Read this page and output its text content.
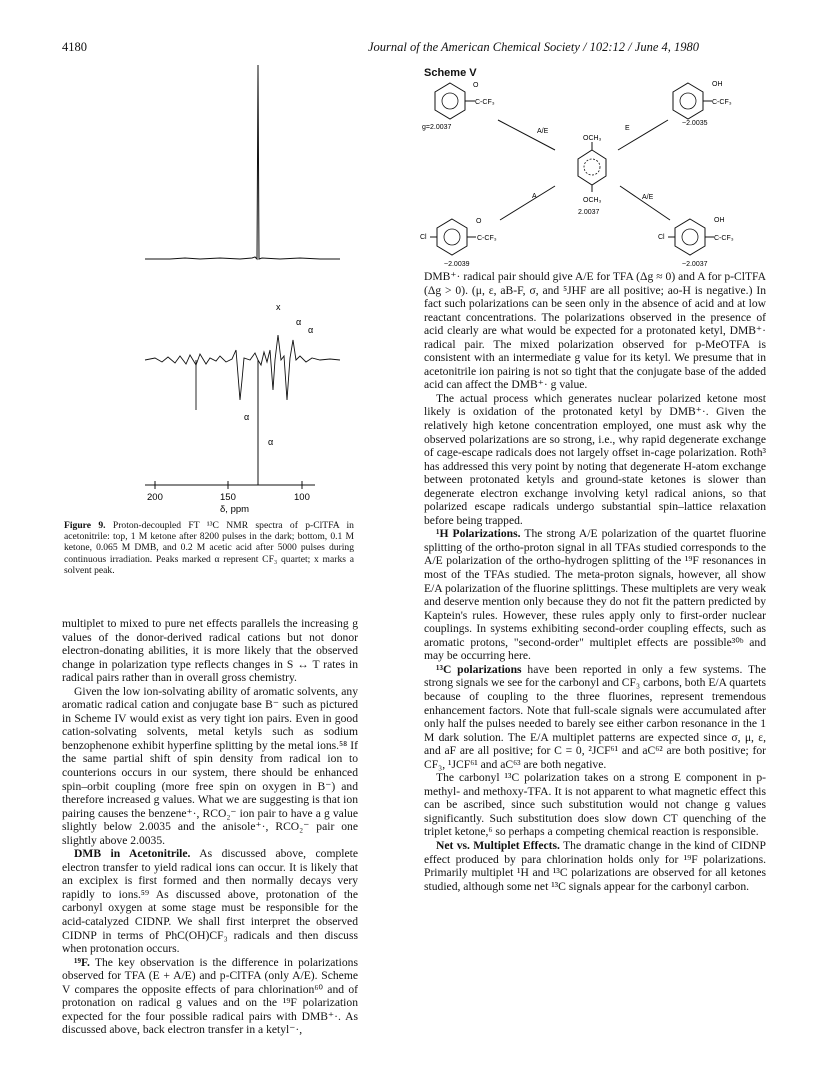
4180	Journal of the American Chemical Society / 102:12 / June 4, 1980
x
α
α
α
α
200	150	100
δ, ppm
Figure 9. Proton-decoupled FT ¹³C NMR spectra of p-ClTFA in acetonitrile: top, 1 M ketone after 8200 pulses in the dark; bottom, 0.1 M ketone, 0.065 M DMB, and 0.2 M acetic acid after 5000 pulses during continuous irradiation. Peaks marked α represent CF₃ quartet; x marks a solvent peak.
Scheme V
O
C-CF₃
g=2.0037
OH
C-CF₃
~2.0035
OCH₃
OCH₃
2.0037
A/E	E
A	A/E
Cl
O
C-CF₃
~2.0039
Cl
OH
C-CF₃
~2.0037

multiplet to mixed to pure net effects parallels the increasing g values of the donor-derived radical cations but not donor electron-donating abilities, it is more likely that the observed change in polarization type reflects changes in S ↔ T rates in radical pairs rather than in overall gross chemistry.

Given the low ion-solvating ability of aromatic solvents, any aromatic radical cation and conjugate base B⁻ such as pictured in Scheme IV would exist as very tight ion pairs. Even in good cation-solvating solvents, metal ketyls such as sodium benzophenone exhibit hyperfine splitting by the metal ions.⁵⁸ If the same partial shift of spin density from radical ion to counterions occurs in our system, there should be enhanced spin–orbit coupling (more free spin on oxygen in B⁻) and therefore increased g values. What we are suggesting is that ion pairing causes the benzene⁺·, RCO₂⁻ ion pair to have a g value slightly below 2.0035 and the anisole⁺·, RCO₂⁻ pair one slightly above 2.0035.

DMB in Acetonitrile. As discussed above, complete electron transfer to yield radical ions can occur. It is likely that an exciplex is first formed and then normally decays very rapidly to ions.⁵⁹ As discussed above, protonation of the carbonyl oxygen at some stage must be responsible for the acid-catalyzed CIDNP. We shall first interpret the observed CIDNP in terms of PhC(OH)CF₃ radicals and then discuss when protonation occurs.

¹⁹F. The key observation is the difference in polarizations observed for TFA (E + A/E) and p-ClTFA (only A/E). Scheme V compares the opposite effects of para chlorination⁶⁰ and of protonation on radical g values and on the ¹⁹F polarization expected for the four possible radical pairs with DMB⁺·. As discussed above, back electron transfer in a ketyl⁻·,

DMB⁺· radical pair should give A/E for TFA (Δg ≈ 0) and A for p-ClTFA (Δg > 0). (μ, ε, aB-F, σ, and ⁵JHF are all positive; ao-H is negative.) In fact such polarizations can be seen only in the absence of acid and at low reactant concentrations. The polarizations observed in the presence of acid clearly are what would be expected for a protonated ketyl, DMB⁺· radical pair. The mixed polarization observed for p-MeOTFA is consistent with an intermediate g value for its ketyl. We presume that in acetonitrile ion pairing is not so tight that the conjugate base of the added acid can affect the DMB⁺· g value.

The actual process which generates nuclear polarized ketone most likely is oxidation of the protonated ketyl by DMB⁺·. Given the relatively high ketone concentration employed, one must ask why the observed polarizations are so strong, i.e., why rapid degenerate exchange of cage-escape radicals does not largely offset in-cage polarization. Roth³ has addressed this very point by noting that degenerate H-atom exchange between protonated ketyls and ground-state ketones is slower than degenerate electron exchange involving ketyl radical anions, so that polarized escape radicals undergo substantial spin–lattice relaxation before being trapped.

¹H Polarizations. The strong A/E polarization of the quartet fluorine splitting of the ortho-proton signal in all TFAs studied corresponds to the A/E polarization of the ortho-hydrogen splitting of the ¹⁹F resonances in most of the TFAs studied. The meta-proton signals, however, all show E/A polarization of the fluorine splittings. These multiplets are very weak and deserve mention only because they do not fit the pattern predicted by Kaptein's rules. However, these rules apply only to first-order nuclear couplings. In systems exhibiting second-order coupling effects, such as aromatic protons, "second-order" multiplet effects are possible³⁰ᵇ and may be occurring here.

¹³C polarizations have been reported in only a few systems. The strong signals we see for the carbonyl and CF₃ carbons, both E/A quartets because of coupling to the three fluorines, represent tremendous enhancement factors. Note that full-scale signals were accumulated after only half the pulses needed to barely see either carbon resonance in the 1 M dark solution. The E/A multiplet patterns are expected since σ, μ, ε, and aF are all positive; for C = 0, ²JCF⁶¹ and aC⁶² are both positive; for CF₃, ¹JCF⁶¹ and aC⁶³ are both negative.

The carbonyl ¹³C polarization takes on a strong E component in p-methyl- and methoxy-TFA. It is not apparent to what magnetic effect this can be ascribed, since such substitution would not change g values significantly. Such substitution does slow down CT quenching of the triplet ketone,⁶ so perhaps a competing chemical reaction is responsible.

Net vs. Multiplet Effects. The dramatic change in the kind of CIDNP effect produced by para chlorination holds only for ¹⁹F polarizations. Primarily multiplet ¹H and ¹³C polarizations are observed for all ketones studied, although some net ¹³C signals appear for the carbonyl carbon.
